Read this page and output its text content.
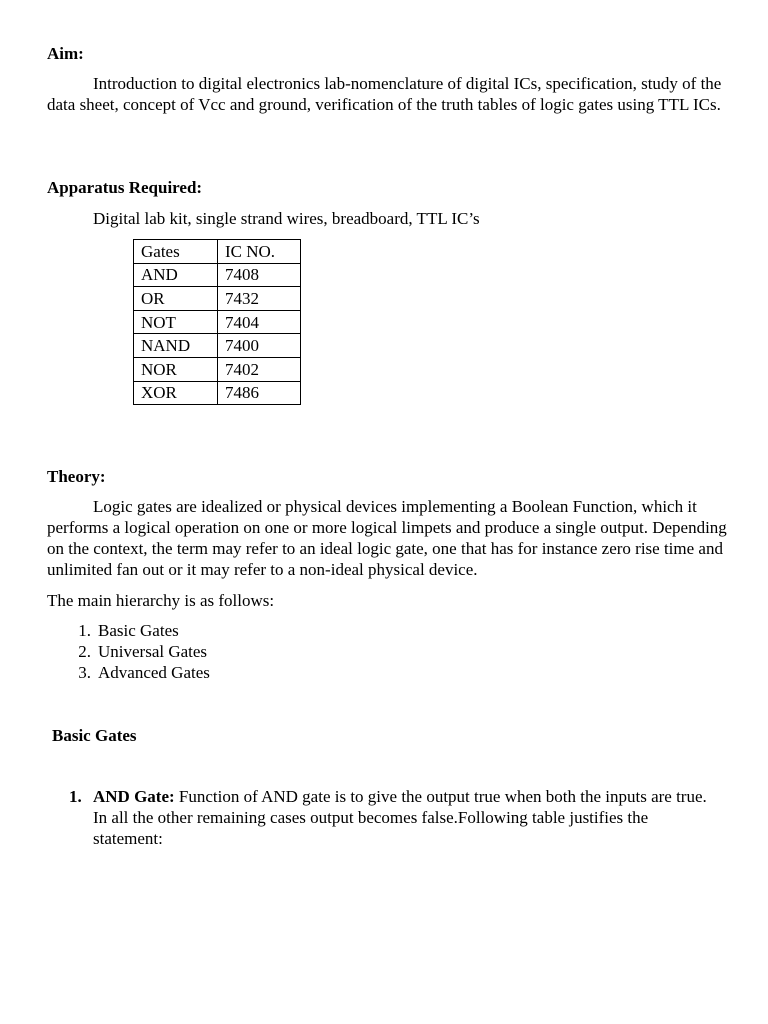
Aim:
Introduction to digital electronics lab-nomenclature of digital ICs, specification, study of the data sheet, concept of Vcc and ground, verification of the truth tables of logic gates using TTL ICs.
Apparatus Required:
Digital lab kit, single strand wires, breadboard, TTL IC’s
Gates	IC NO.
AND	7408
OR	7432
NOT	7404
NAND	7400
NOR	7402
XOR	7486
Theory:
Logic gates are idealized or physical devices implementing a Boolean Function, which it performs a logical operation on one or more logical limpets and produce a single output. Depending on the context, the term may refer to an ideal logic gate, one that has for instance zero rise time and unlimited fan out or it may refer to a non-ideal physical device.
The main hierarchy is as follows:
1. Basic Gates
2. Universal Gates
3. Advanced Gates
Basic Gates
1. AND Gate: Function of AND gate is to give the output true when both the inputs are true. In all the other remaining cases output becomes false.Following table justifies the statement:
